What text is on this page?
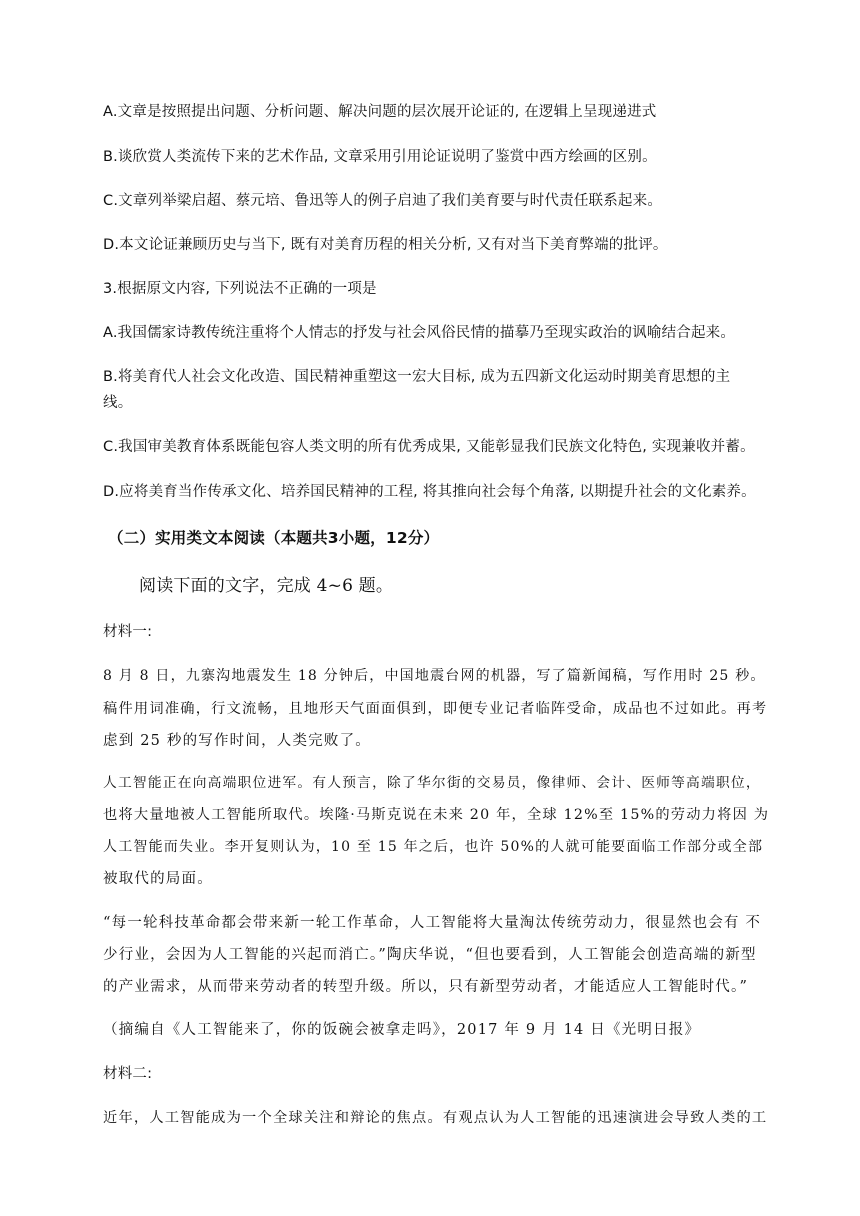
A.文章是按照提出问题、分析问题、解决问题的层次展开论证的, 在逻辑上呈现递进式
B.谈欣赏人类流传下来的艺术作品, 文章采用引用论证说明了鉴赏中西方绘画的区别。
C.文章列举梁启超、蔡元培、鲁迅等人的例子启迪了我们美育要与时代责任联系起来。
D.本文论证兼顾历史与当下, 既有对美育历程的相关分析, 又有对当下美育弊端的批评。
3.根据原文内容, 下列说法不正确的一项是
A.我国儒家诗教传统注重将个人情志的抒发与社会风俗民情的描摹乃至现实政治的讽喻结合起来。
B.将美育代人社会文化改造、国民精神重塑这一宏大目标, 成为五四新文化运动时期美育思想的主
线。
C.我国审美教育体系既能包容人类文明的所有优秀成果, 又能彰显我们民族文化特色, 实现兼收并蓄。
D.应将美育当作传承文化、培养国民精神的工程, 将其推向社会每个角落, 以期提升社会的文化素养。
（二）实用类文本阅读（本题共3小题，12分）
阅读下面的文字，完成 4~6 题。
材料一:
8 月 8 日，九寨沟地震发生 18 分钟后，中国地震台网的机器，写了篇新闻稿，写作用时 25 秒。
稿件用词准确，行文流畅，且地形天气面面俱到，即便专业记者临阵受命，成品也不过如此。再考
虑到 25 秒的写作时间，人类完败了。
人工智能正在向高端职位进军。有人预言，除了华尔街的交易员，像律师、会计、医师等高端职位，
也将大量地被人工智能所取代。埃隆·马斯克说在未来 20 年，全球 12%至 15%的劳动力将因 为
人工智能而失业。李开复则认为，10 至 15 年之后，也许 50%的人就可能要面临工作部分或全部
被取代的局面。
“每一轮科技革命都会带来新一轮工作革命，人工智能将大量淘汰传统劳动力，很显然也会有 不
少行业，会因为人工智能的兴起而消亡。”陶庆华说，“但也要看到，人工智能会创造高端的新型
的产业需求，从而带来劳动者的转型升级。所以，只有新型劳动者，才能适应人工智能时代。”
（摘编自《人工智能来了，你的饭碗会被拿走吗》，2017 年 9 月 14 日《光明日报》
材料二:
近年，人工智能成为一个全球关注和辩论的焦点。有观点认为人工智能的迅速演进会导致人类的工
